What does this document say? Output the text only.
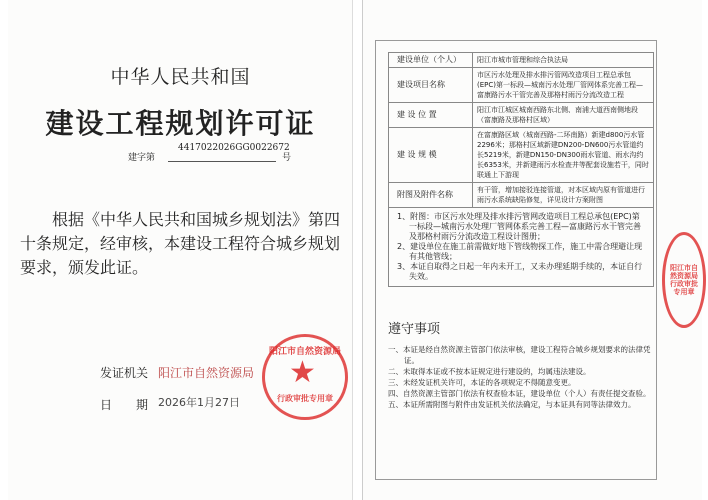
中华人民共和国
建设工程规划许可证
建字第
4417022026GG0022672
号
根据《中华人民共和国城乡规划法》第四十条规定，经审核，本建设工程符合城乡规划要求，颁发此证。
发证机关 阳江市自然资源局
日　　期 2026年1月27日
阳江市自然资源局
★
行政审批专用章
建设单位（个人）	阳江市城市管理和综合执法局
建设项目名称	市区污水处理及排水排污管网改造项目工程总承包(EPC)第一标段—城南污水处理厂管网体系完善工程—富康路污水干管完善及那格村雨污分流改造工程
建 设 位 置	阳江市江城区城南西路东北侧、南浦大道西南侧地段（富康路及那格村区域）
建 设 规 模	在富康路区域（城南西路-二环南路）新建d800污水管2296米；那格村区域新建DN200-DN600污水管道约长5219米，新建DN150-DN300雨水管道、雨水沟约长6353米，并新建雨污水检查井等配套设施若干，同时联通上下游现
附图及附件名称	有干管，增加接驳连接管道，对本区域内原有管道进行雨污水系统缺陷修复，详见设计方案附图
1、附图：市区污水处理及排水排污管网改造项目工程总承包(EPC)第一标段—城南污水处理厂管网体系完善工程—富康路污水干管完善及那格村雨污分流改造工程设计图册；
2、建设单位在施工前需做好地下管线物探工作，施工中需合理避让现有其他管线；
3、本证自取得之日起一年内未开工，又未办理延期手续的，本证自行失效。
遵守事项
一、本证是经自然资源主管部门依法审核，建设工程符合城乡规划要求的法律凭证。
二、未取得本证或不按本证规定进行建设的，均属违法建设。
三、未经发证机关许可，本证的各项规定不得随意变更。
四、自然资源主管部门依法有权查验本证，建设单位（个人）有责任提交查验。
五、本证所需附图与附件由发证机关依法确定，与本证具有同等法律效力。
阳江市自然资源局 行政审批专用章
